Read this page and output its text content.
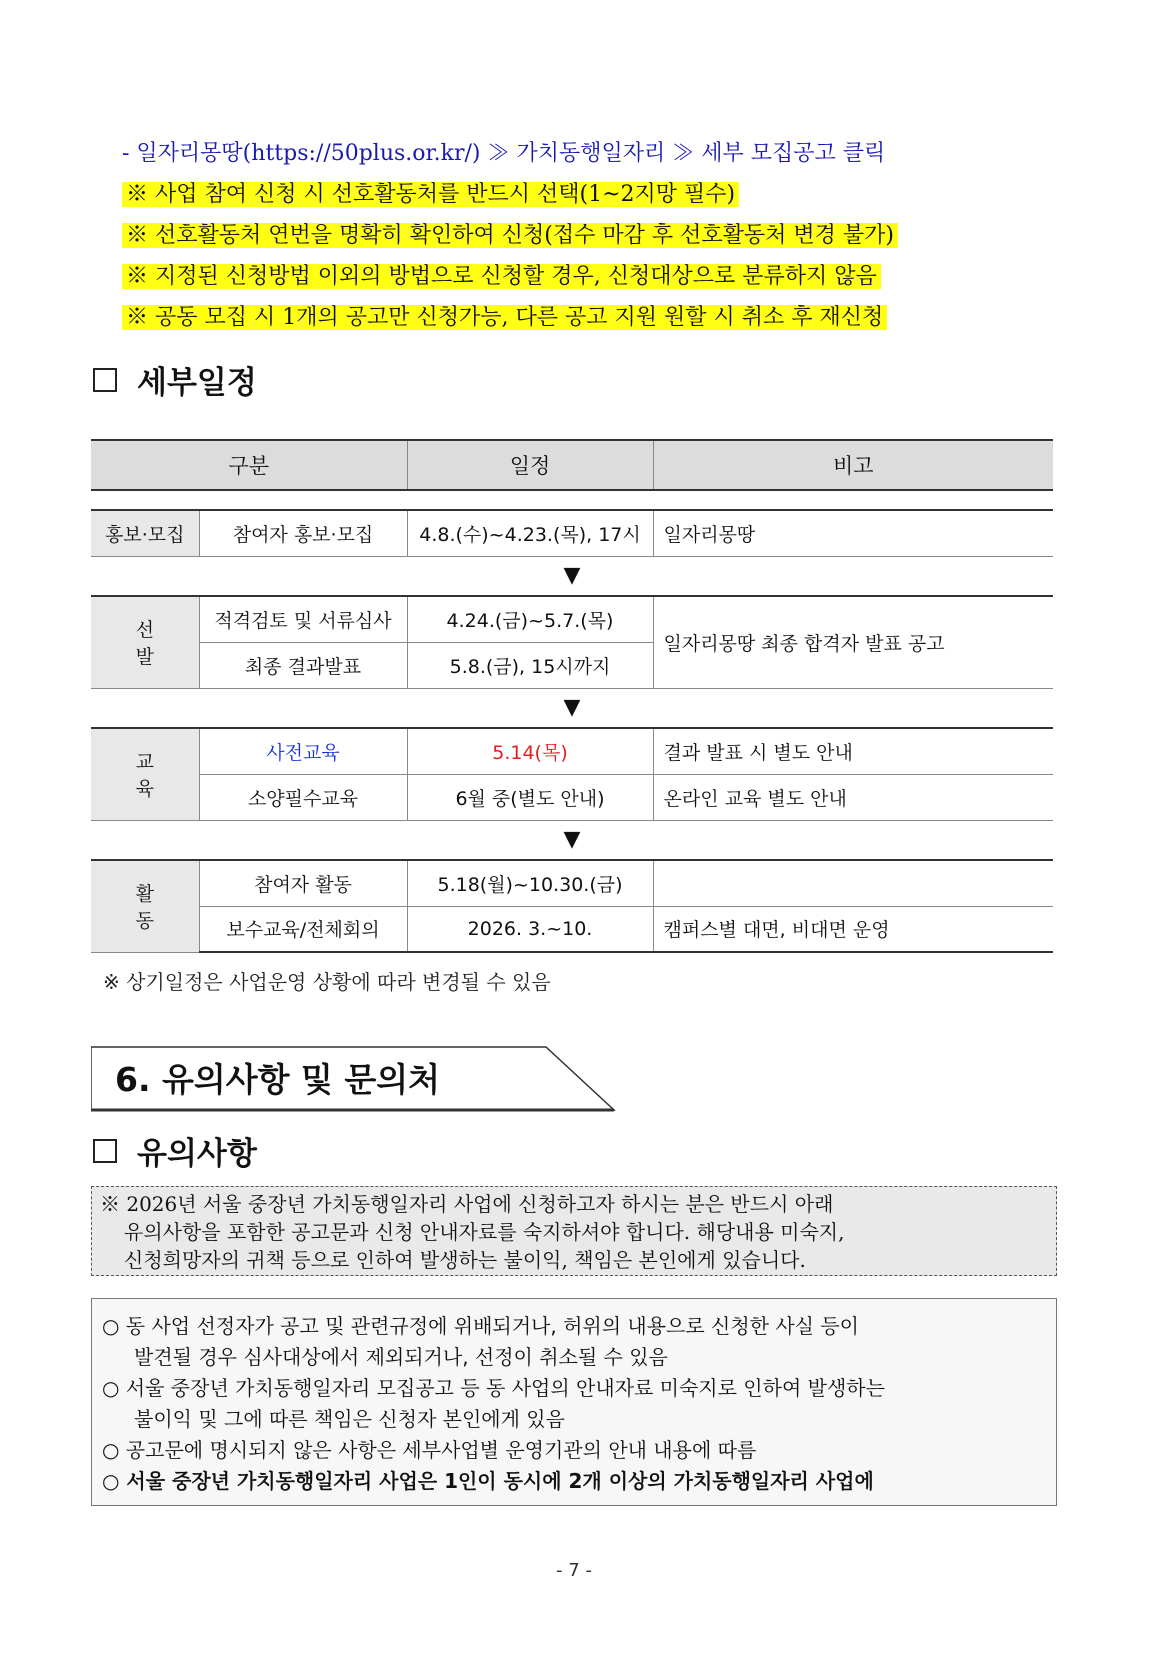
- 일자리몽땅(https://50plus.or.kr/) ≫ 가치동행일자리 ≫ 세부 모집공고 클릭
※ 사업 참여 신청 시 선호활동처를 반드시 선택(1~2지망 필수)
※ 선호활동처 연번을 명확히 확인하여 신청(접수 마감 후 선호활동처 변경 불가)
※ 지정된 신청방법 이외의 방법으로 신청할 경우, 신청대상으로 분류하지 않음
※ 공동 모집 시 1개의 공고만 신청가능, 다른 공고 지원 원할 시 취소 후 재신청
세부일정
구분		일정	비고

홍보·모집	참여자 홍보·모집	4.8.(수)~4.23.(목), 17시	일자리몽땅
▼			
선발	적격검토 및 서류심사	4.24.(금)~5.7.(목)	일자리몽땅 최종 합격자 발표 공고
	최종 결과발표	5.8.(금), 15시까지	
▼			
교육	사전교육	5.14(목)	결과 발표 시 별도 안내
	소양필수교육	6월 중(별도 안내)	온라인 교육 별도 안내
▼			
활동	참여자 활동	5.18(월)~10.30.(금)	
	보수교육/전체회의	2026. 3.~10.	캠퍼스별 대면, 비대면 운영
※ 상기일정은 사업운영 상황에 따라 변경될 수 있음
6. 유의사항 및 문의처
유의사항
※ 2026년 서울 중장년 가치동행일자리 사업에 신청하고자 하시는 분은 반드시 아래
유의사항을 포함한 공고문과 신청 안내자료를 숙지하셔야 합니다. 해당내용 미숙지,
신청희망자의 귀책 등으로 인하여 발생하는 불이익, 책임은 본인에게 있습니다.
○ 동 사업 선정자가 공고 및 관련규정에 위배되거나, 허위의 내용으로 신청한 사실 등이
발견될 경우 심사대상에서 제외되거나, 선정이 취소될 수 있음
○ 서울 중장년 가치동행일자리 모집공고 등 동 사업의 안내자료 미숙지로 인하여 발생하는
불이익 및 그에 따른 책임은 신청자 본인에게 있음
○ 공고문에 명시되지 않은 사항은 세부사업별 운영기관의 안내 내용에 따름
○ 서울 중장년 가치동행일자리 사업은 1인이 동시에 2개 이상의 가치동행일자리 사업에
- 7 -
